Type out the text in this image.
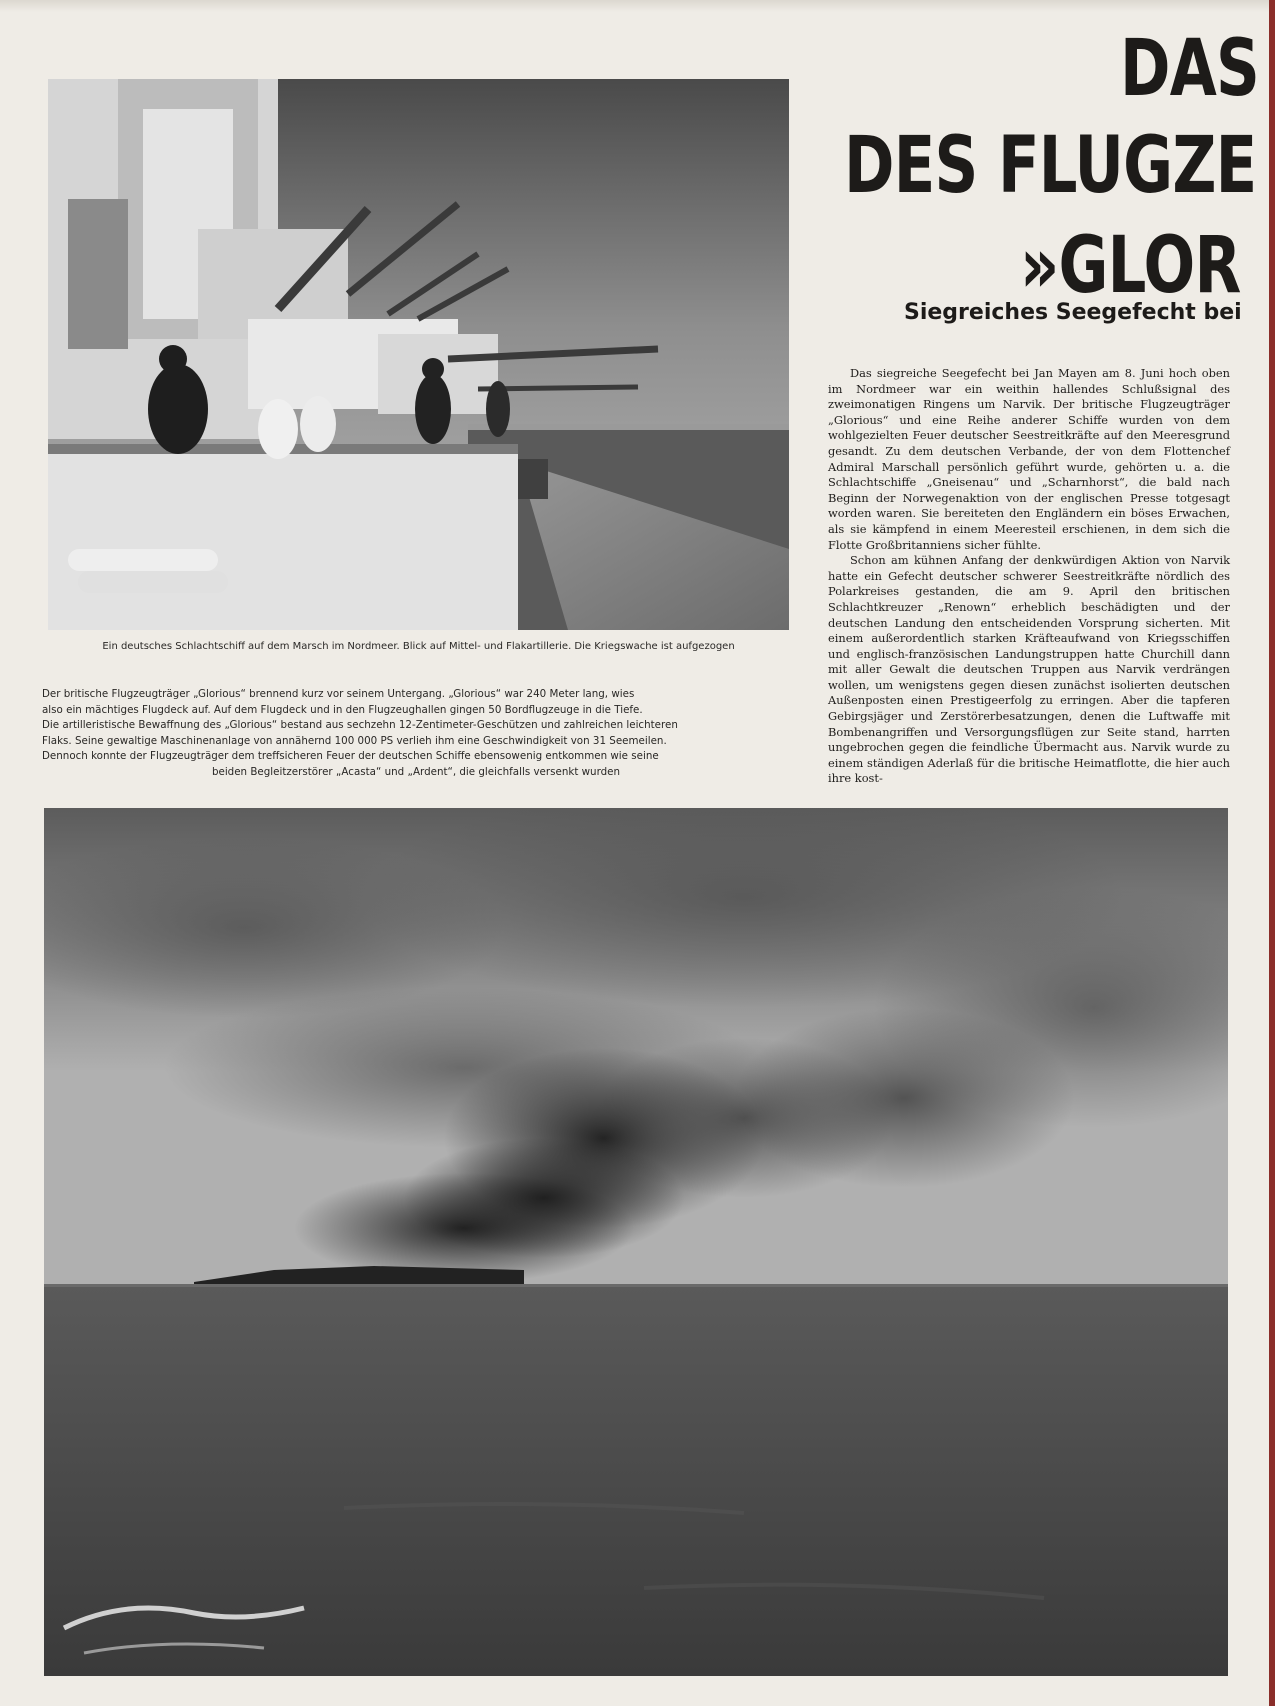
Ein deutsches Schlachtschiff auf dem Marsch im Nordmeer. Blick auf Mittel- und Flakartillerie. Die Kriegswache ist aufgezogen

Der britische Flugzeugträger „Glorious“ brennend kurz vor seinem Untergang. „Glorious“ war 240 Meter lang, wies

also ein mächtiges Flugdeck auf. Auf dem Flugdeck und in den Flugzeughallen gingen 50 Bordflugzeuge in die Tiefe.

Die artilleristische Bewaffnung des „Glorious“ bestand aus sechzehn 12-Zentimeter-Geschützen und zahlreichen leichteren

Flaks. Seine gewaltige Maschinenanlage von annähernd 100 000 PS verlieh ihm eine Geschwindigkeit von 31 Seemeilen.

Dennoch konnte der Flugzeugträger dem treffsicheren Feuer der deutschen Schiffe ebensowenig entkommen wie seine

beiden Begleitzerstörer „Acasta“ und „Ardent“, die gleichfalls versenkt wurden

DAS
DES FLUGZE
»GLOR
Siegreiches Seegefecht bei

Das siegreiche Seegefecht bei Jan Mayen am 8. Juni hoch oben im Nordmeer war ein weithin hallendes Schlußsignal des zweimonatigen Ringens um Narvik. Der britische Flugzeugträger „Glorious“ und eine Reihe anderer Schiffe wurden von dem wohlgezielten Feuer deutscher Seestreitkräfte auf den Meeresgrund gesandt. Zu dem deutschen Verbande, der von dem Flottenchef Admiral Marschall persönlich geführt wurde, gehörten u. a. die Schlachtschiffe „Gneisenau“ und „Scharnhorst“, die bald nach Beginn der Norwegenaktion von der englischen Presse totgesagt worden waren. Sie bereiteten den Engländern ein böses Erwachen, als sie kämpfend in einem Meeresteil erschienen, in dem sich die Flotte Großbritanniens sicher fühlte.

Schon am kühnen Anfang der denkwürdigen Aktion von Narvik hatte ein Gefecht deutscher schwerer Seestreitkräfte nördlich des Polarkreises gestanden, die am 9. April den britischen Schlachtkreuzer „Renown“ erheblich beschädigten und der deutschen Landung den entscheidenden Vorsprung sicherten. Mit einem außerordentlich starken Kräfteaufwand von Kriegsschiffen und englisch-französischen Landungstruppen hatte Churchill dann mit aller Gewalt die deutschen Truppen aus Narvik verdrängen wollen, um wenigstens gegen diesen zunächst isolierten deutschen Außenposten einen Prestigeerfolg zu erringen. Aber die tapferen Gebirgsjäger und Zerstörerbesatzungen, denen die Luftwaffe mit Bombenangriffen und Versorgungsflügen zur Seite stand, harrten ungebrochen gegen die feindliche Übermacht aus. Narvik wurde zu einem ständigen Aderlaß für die britische Heimatflotte, die hier auch ihre kost-
